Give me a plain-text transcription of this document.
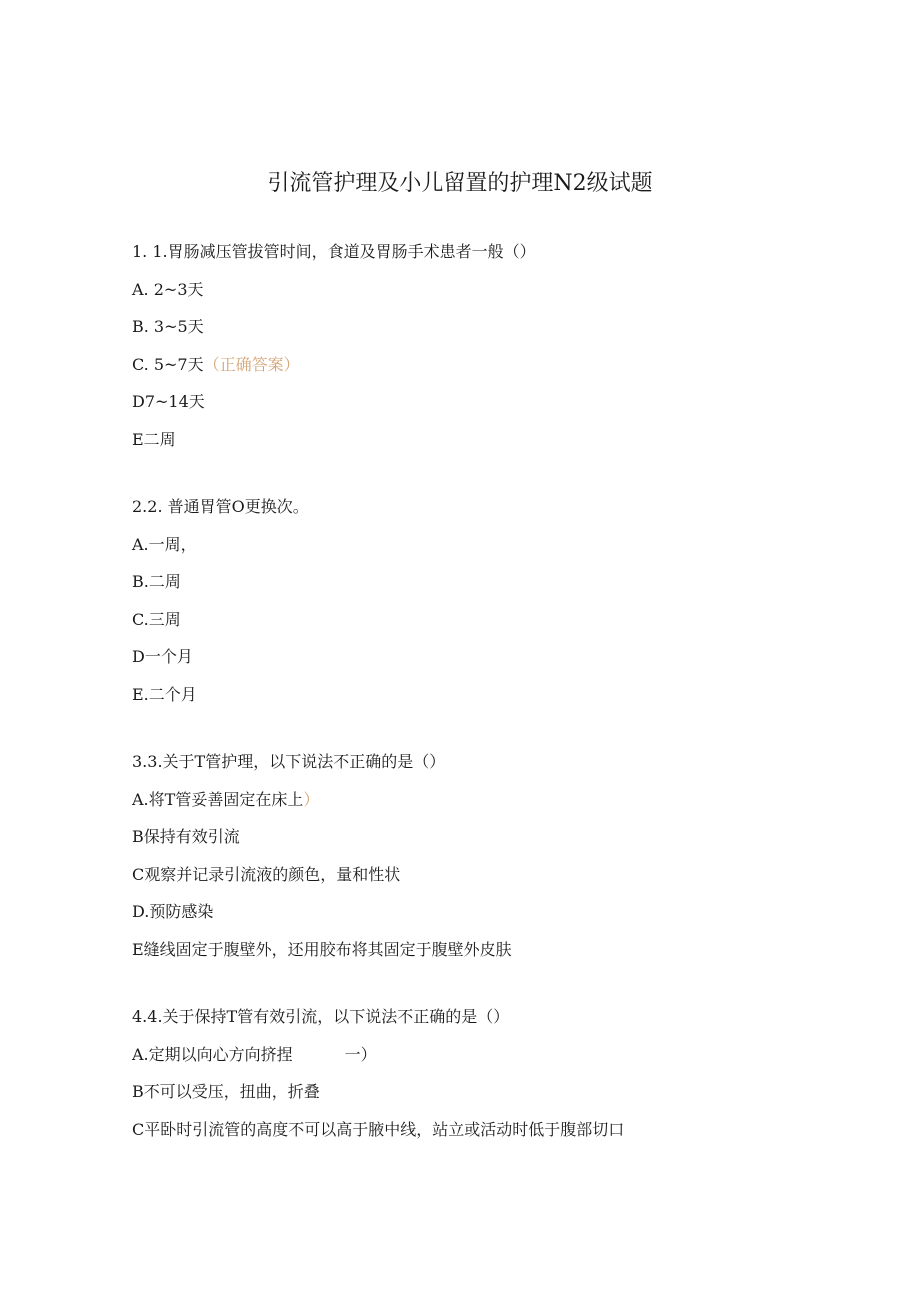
引流管护理及小儿留置的护理N2级试题
1. 1.胃肠减压管拔管时间，食道及胃肠手术患者一般（）
A. 2~3天
B. 3~5天
C. 5~7天（正确答案）
D7~14天
E二周
2.2. 普通胃管O更换次。
A.一周，
B.二周
C.三周
D一个月
E.二个月
3.3.关于T管护理，以下说法不正确的是（）
A.将T管妥善固定在床上）
B保持有效引流
C观察并记录引流液的颜色，量和性状
D.预防感染
E缝线固定于腹壁外，还用胶布将其固定于腹壁外皮肤
4.4.关于保持T管有效引流，以下说法不正确的是（）
A.定期以向心方向挤捏	一）
B不可以受压，扭曲，折叠
C平卧时引流管的高度不可以高于腋中线，站立或活动时低于腹部切口
